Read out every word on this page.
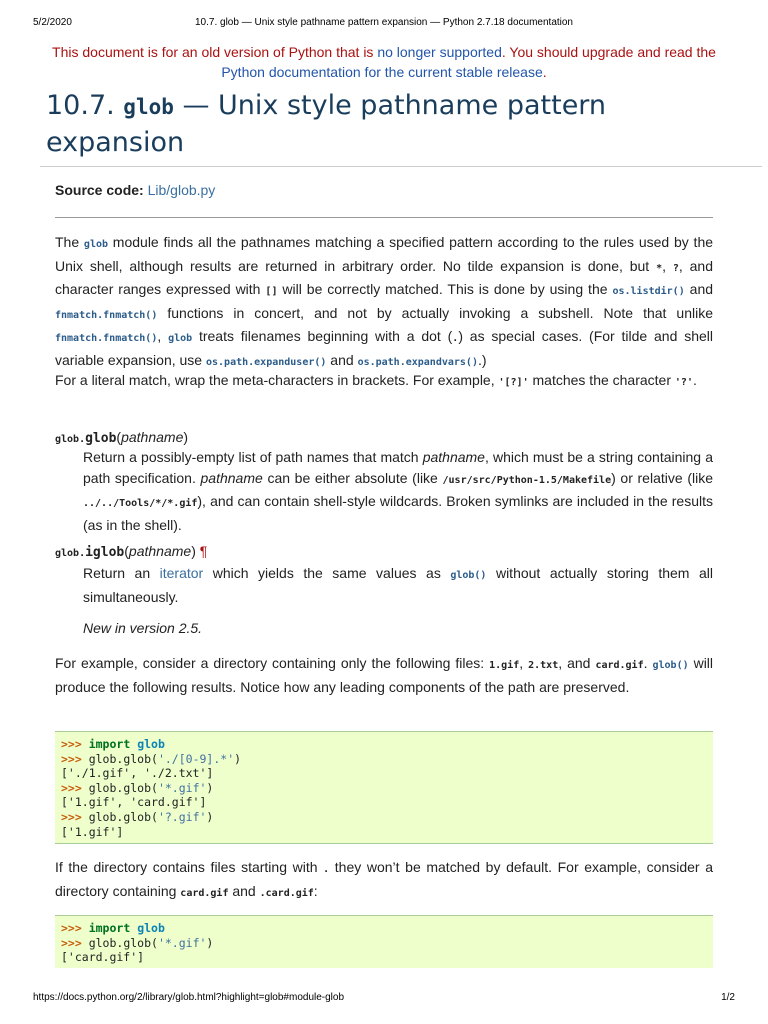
5/2/2020	10.7. glob — Unix style pathname pattern expansion — Python 2.7.18 documentation
This document is for an old version of Python that is no longer supported. You should upgrade and read the Python documentation for the current stable release.
10.7. glob — Unix style pathname pattern expansion
Source code: Lib/glob.py
The glob module finds all the pathnames matching a specified pattern according to the rules used by the Unix shell, although results are returned in arbitrary order. No tilde expansion is done, but *, ?, and character ranges expressed with [] will be correctly matched. This is done by using the os.listdir() and fnmatch.fnmatch() functions in concert, and not by actually invoking a subshell. Note that unlike fnmatch.fnmatch(), glob treats filenames beginning with a dot (.) as special cases. (For tilde and shell variable expansion, use os.path.expanduser() and os.path.expandvars().)
For a literal match, wrap the meta-characters in brackets. For example, '[?]' matches the character '?'.
glob.glob(pathname)
Return a possibly-empty list of path names that match pathname, which must be a string containing a path specification. pathname can be either absolute (like /usr/src/Python-1.5/Makefile) or relative (like ../../Tools/*/*.gif), and can contain shell-style wildcards. Broken symlinks are included in the results (as in the shell).
glob.iglob(pathname) ¶
Return an iterator which yields the same values as glob() without actually storing them all simultaneously.
New in version 2.5.
For example, consider a directory containing only the following files: 1.gif, 2.txt, and card.gif. glob() will produce the following results. Notice how any leading components of the path are preserved.
>>> import glob
>>> glob.glob('./[0-9].*')
['./1.gif', './2.txt']
>>> glob.glob('*.gif')
['1.gif', 'card.gif']
>>> glob.glob('?.gif')
['1.gif']
If the directory contains files starting with . they won’t be matched by default. For example, consider a directory containing card.gif and .card.gif:
>>> import glob
>>> glob.glob('*.gif')
['card.gif']
https://docs.python.org/2/library/glob.html?highlight=glob#module-glob	1/2
